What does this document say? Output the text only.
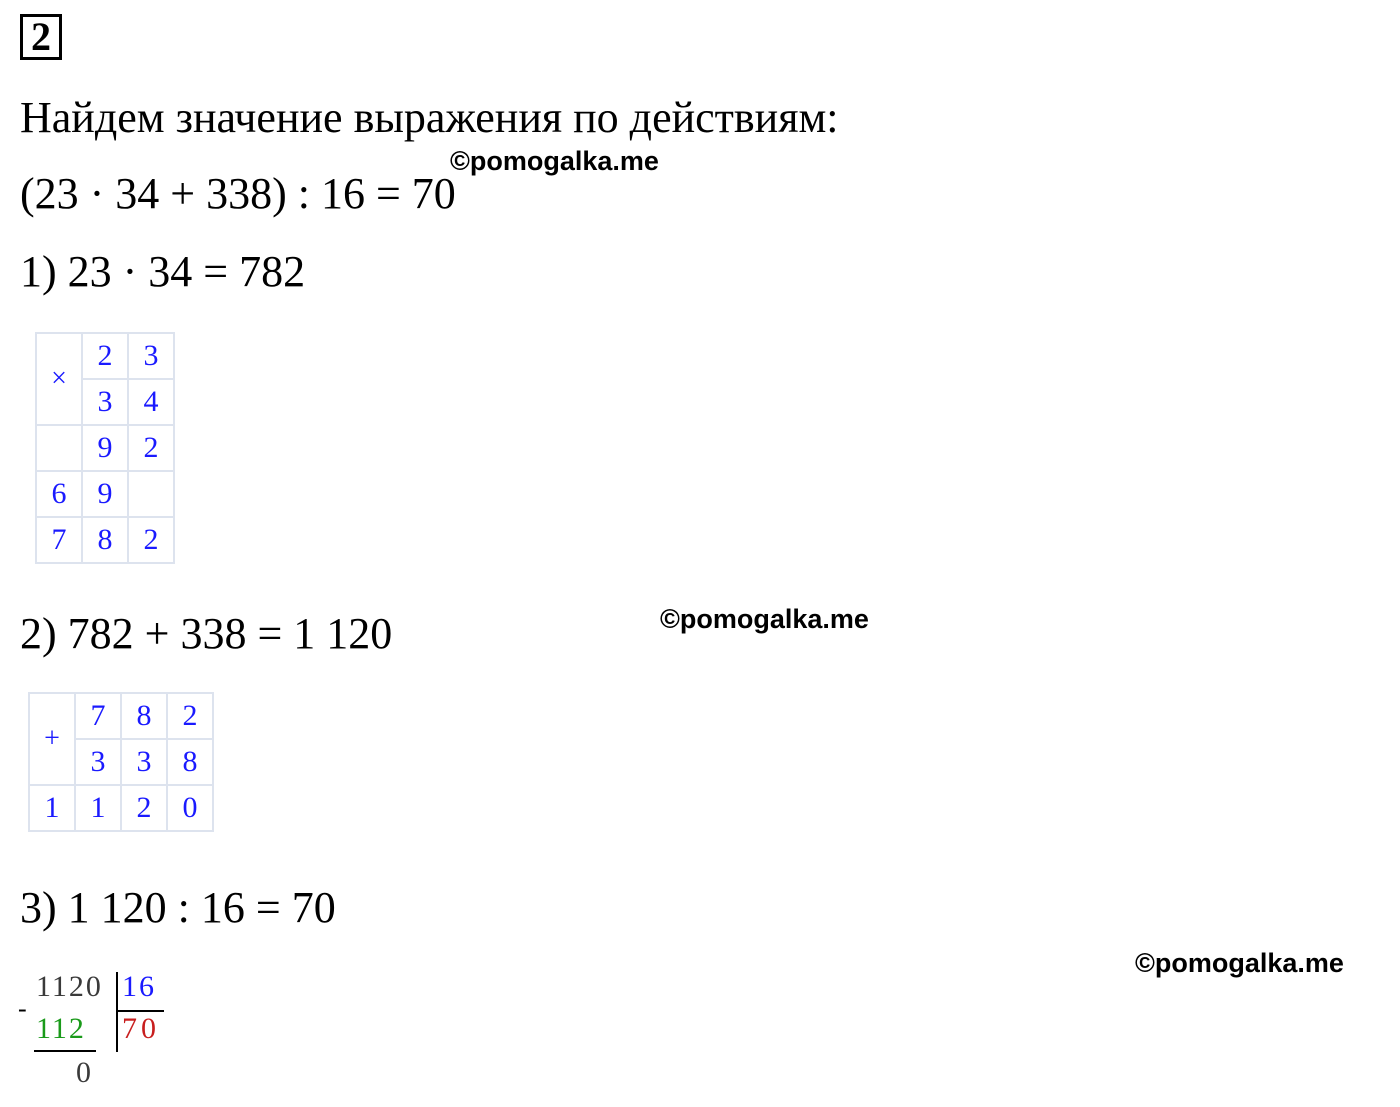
2
Найдем значение выражения по действиям:
©pomogalka.me
(23 · 34 + 338) : 16 = 70
1) 23 · 34 = 782
×	2	3
	3	4
	9	2
6	9	
7	8	2
©pomogalka.me
2) 782 + 338 = 1 120
+	7	8	2
	3	3	8
1	1	2	0
3) 1 120 : 16 = 70
©pomogalka.me
1120
-
112
0
16
70
